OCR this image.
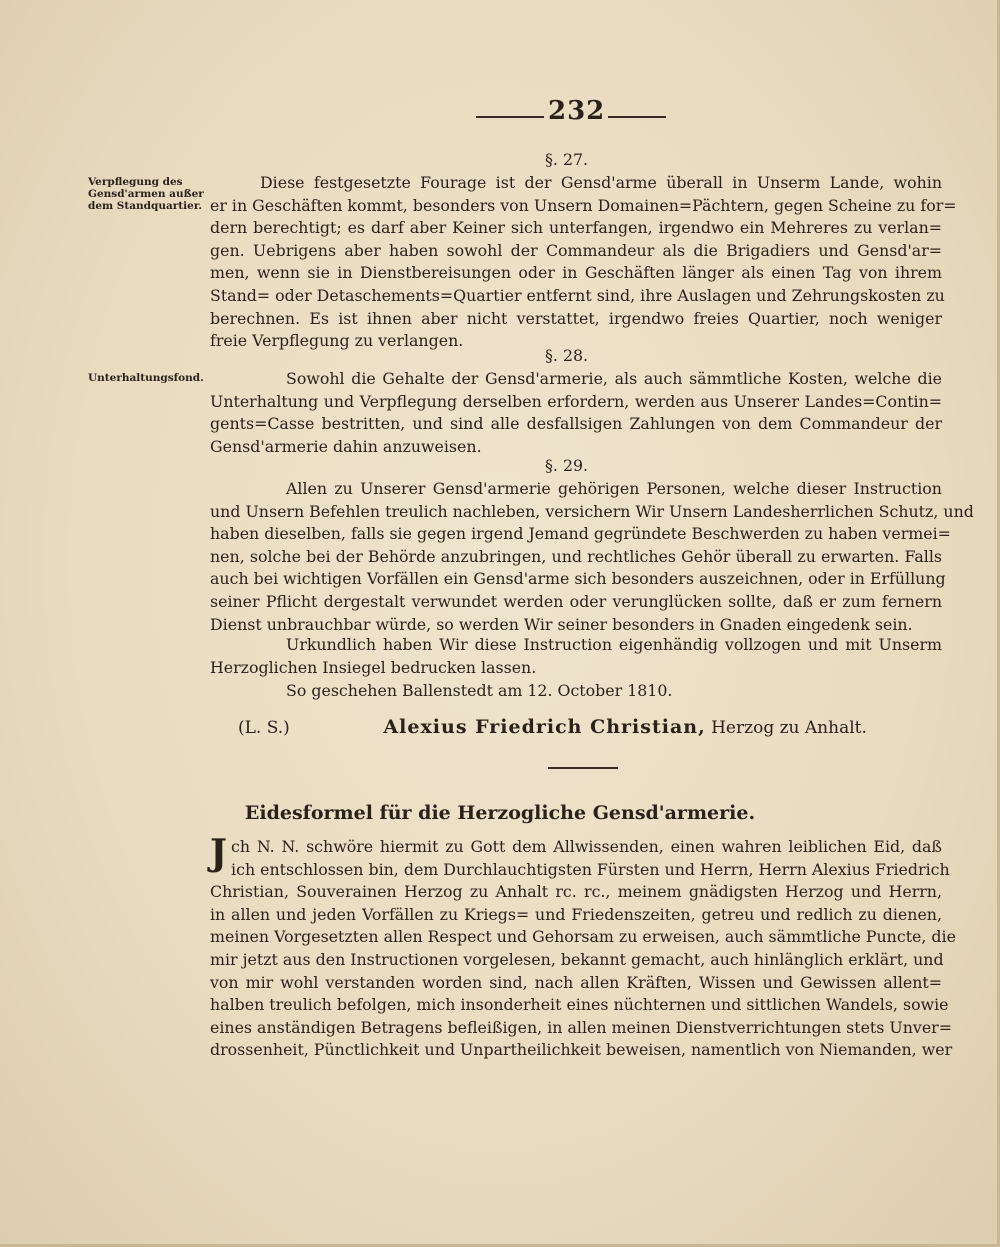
232
Verpflegung des Gensd'armen außer dem Standquartier.
Unterhaltungsfond.
§. 27.
Diese festgesetzte Fourage ist der Gensd'arme überall in Unserm Lande, wohin
er in Geschäften kommt, besonders von Unsern Domainen=Pächtern, gegen Scheine zu for=
dern berechtigt; es darf aber Keiner sich unterfangen, irgendwo ein Mehreres zu verlan=
gen. Uebrigens aber haben sowohl der Commandeur als die Brigadiers und Gensd'ar=
men, wenn sie in Dienstbereisungen oder in Geschäften länger als einen Tag von ihrem
Stand= oder Detaschements=Quartier entfernt sind, ihre Auslagen und Zehrungskosten zu
berechnen. Es ist ihnen aber nicht verstattet, irgendwo freies Quartier, noch weniger
freie Verpflegung zu verlangen.
§. 28.
Sowohl die Gehalte der Gensd'armerie, als auch sämmtliche Kosten, welche die
Unterhaltung und Verpflegung derselben erfordern, werden aus Unserer Landes=Contin=
gents=Casse bestritten, und sind alle desfallsigen Zahlungen von dem Commandeur der
Gensd'armerie dahin anzuweisen.
§. 29.
Allen zu Unserer Gensd'armerie gehörigen Personen, welche dieser Instruction
und Unsern Befehlen treulich nachleben, versichern Wir Unsern Landesherrlichen Schutz, und
haben dieselben, falls sie gegen irgend Jemand gegründete Beschwerden zu haben vermei=
nen, solche bei der Behörde anzubringen, und rechtliches Gehör überall zu erwarten. Falls
auch bei wichtigen Vorfällen ein Gensd'arme sich besonders auszeichnen, oder in Erfüllung
seiner Pflicht dergestalt verwundet werden oder verunglücken sollte, daß er zum fernern
Dienst unbrauchbar würde, so werden Wir seiner besonders in Gnaden eingedenk sein.
Urkundlich haben Wir diese Instruction eigenhändig vollzogen und mit Unserm
Herzoglichen Insiegel bedrucken lassen.
So geschehen Ballenstedt am 12. October 1810.
(L. S.)	Alexius Friedrich Christian, Herzog zu Anhalt.
Eidesformel für die Herzogliche Gensd'armerie.
J ch N. N. schwöre hiermit zu Gott dem Allwissenden, einen wahren leiblichen Eid, daß
ich entschlossen bin, dem Durchlauchtigsten Fürsten und Herrn, Herrn Alexius Friedrich
Christian, Souverainen Herzog zu Anhalt rc. rc., meinem gnädigsten Herzog und Herrn,
in allen und jeden Vorfällen zu Kriegs= und Friedenszeiten, getreu und redlich zu dienen,
meinen Vorgesetzten allen Respect und Gehorsam zu erweisen, auch sämmtliche Puncte, die
mir jetzt aus den Instructionen vorgelesen, bekannt gemacht, auch hinlänglich erklärt, und
von mir wohl verstanden worden sind, nach allen Kräften, Wissen und Gewissen allent=
halben treulich befolgen, mich insonderheit eines nüchternen und sittlichen Wandels, sowie
eines anständigen Betragens befleißigen, in allen meinen Dienstverrichtungen stets Unver=
drossenheit, Pünctlichkeit und Unpartheilichkeit beweisen, namentlich von Niemanden, wer
